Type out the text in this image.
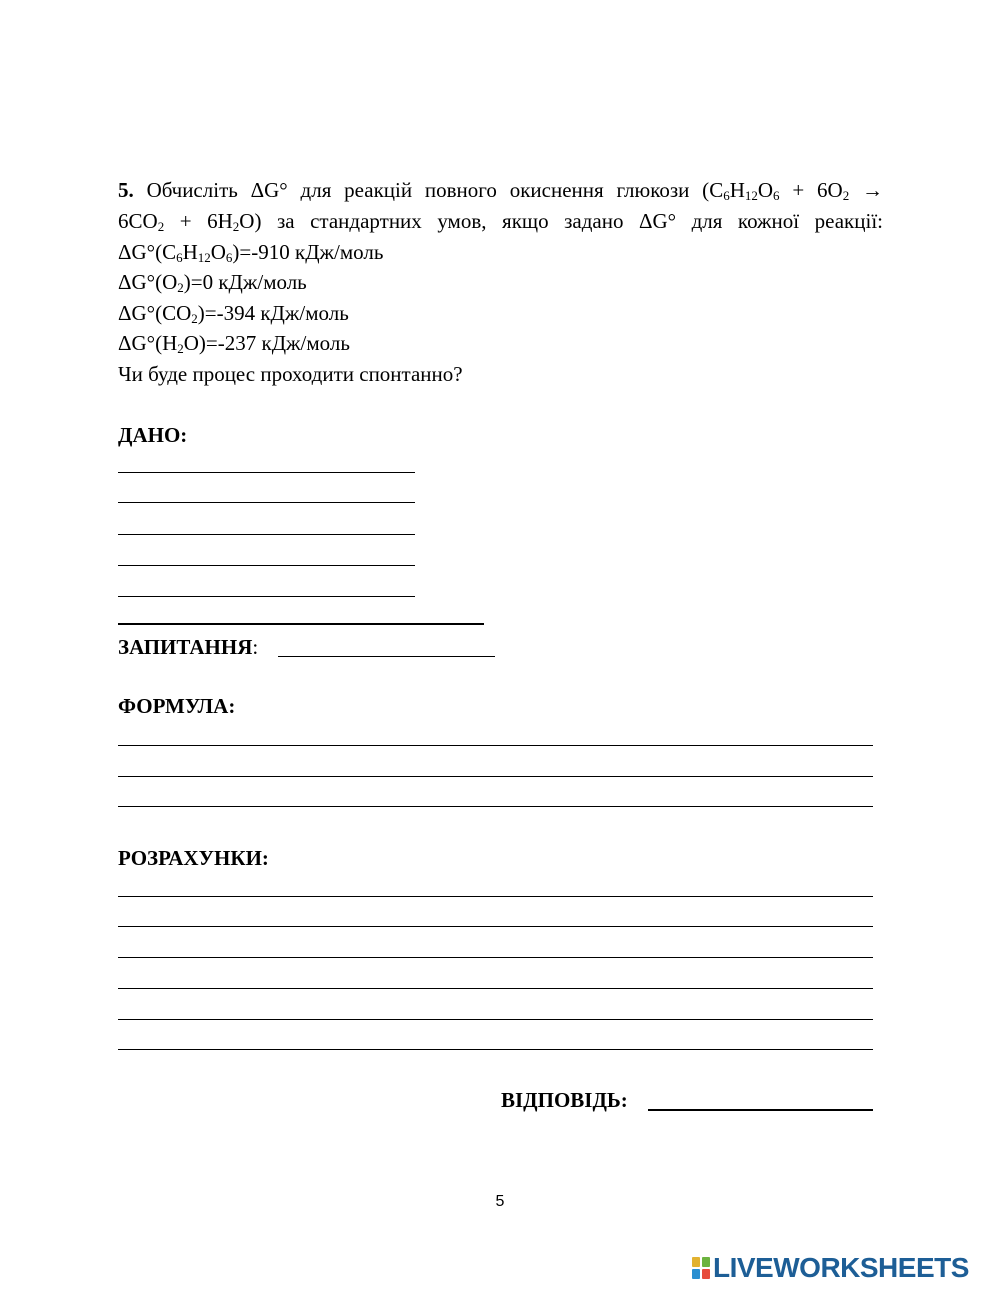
5. Обчисліть ΔG° для реакцій повного окиснення глюкози ($C_6H_{12}O_6 + 6O_2$ →
$6CO_2 + 6H_2O$) за стандартних умов, якщо задано ΔG° для кожної реакції:
$\Delta G^\circ(C_6H_{12}O_6)=-910$ кДж/моль
$\Delta G^\circ(O_2)=0$ кДж/моль
$\Delta G^\circ(CO_2)=-394$ кДж/моль
$\Delta G^\circ(H_2O)=-237$ кДж/моль
Чи буде процес проходити спонтанно?
ДАНО:
ЗАПИТАННЯ:
ФОРМУЛА:
РОЗРАХУНКИ:
ВІДПОВІДЬ:
5
LIVEWORKSHEETS
